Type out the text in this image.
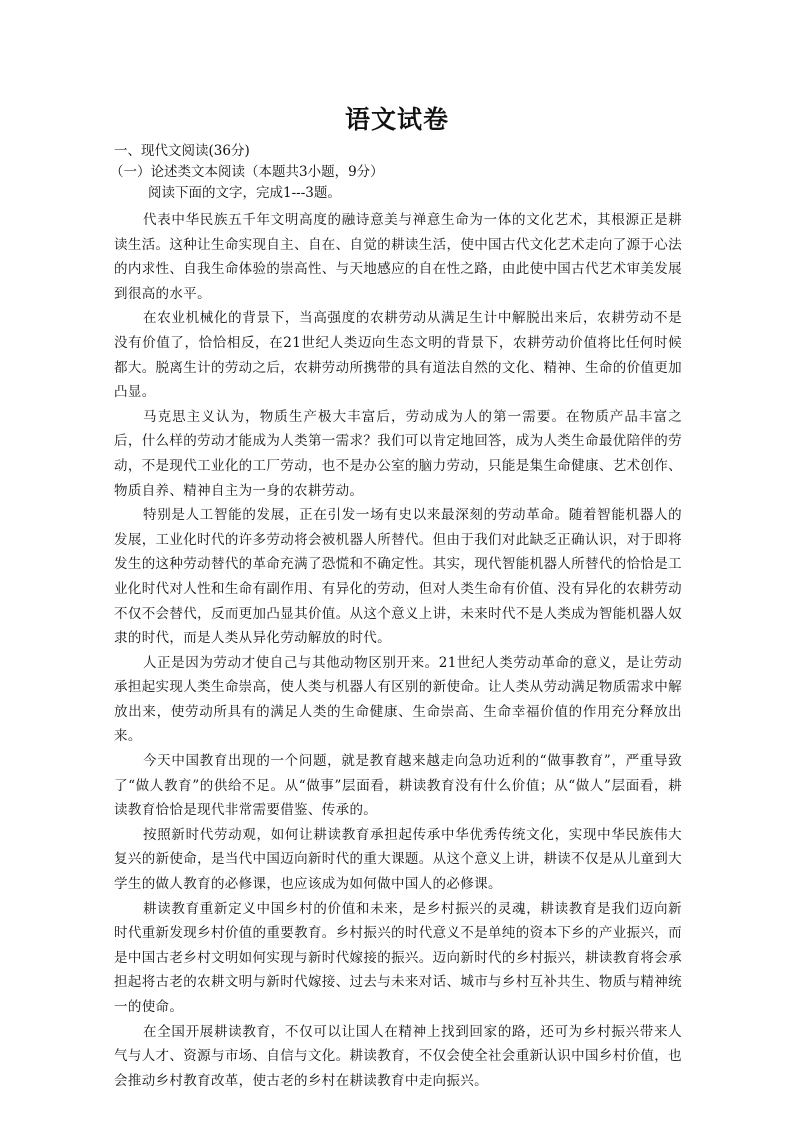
语文试卷

一、现代文阅读(36分)

（一）论述类文本阅读（本题共3小题，9分）

阅读下面的文字，完成1---3题。

代表中华民族五千年文明高度的融诗意美与禅意生命为一体的文化艺术，其根源正是耕读生活。这种让生命实现自主、自在、自觉的耕读生活，使中国古代文化艺术走向了源于心法的内求性、自我生命体验的崇高性、与天地感应的自在性之路，由此使中国古代艺术审美发展到很高的水平。

在农业机械化的背景下，当高强度的农耕劳动从满足生计中解脱出来后，农耕劳动不是没有价值了，恰恰相反，在21世纪人类迈向生态文明的背景下，农耕劳动价值将比任何时候都大。脱离生计的劳动之后，农耕劳动所携带的具有道法自然的文化、精神、生命的价值更加凸显。

马克思主义认为，物质生产极大丰富后，劳动成为人的第一需要。在物质产品丰富之后，什么样的劳动才能成为人类第一需求？我们可以肯定地回答，成为人类生命最优陪伴的劳动，不是现代工业化的工厂劳动，也不是办公室的脑力劳动，只能是集生命健康、艺术创作、物质自养、精神自主为一身的农耕劳动。

特别是人工智能的发展，正在引发一场有史以来最深刻的劳动革命。随着智能机器人的发展，工业化时代的许多劳动将会被机器人所替代。但由于我们对此缺乏正确认识，对于即将发生的这种劳动替代的革命充满了恐慌和不确定性。其实，现代智能机器人所替代的恰恰是工业化时代对人性和生命有副作用、有异化的劳动，但对人类生命有价值、没有异化的农耕劳动不仅不会替代，反而更加凸显其价值。从这个意义上讲，未来时代不是人类成为智能机器人奴隶的时代，而是人类从异化劳动解放的时代。

人正是因为劳动才使自己与其他动物区别开来。21世纪人类劳动革命的意义，是让劳动承担起实现人类生命崇高，使人类与机器人有区别的新使命。让人类从劳动满足物质需求中解放出来，使劳动所具有的满足人类的生命健康、生命崇高、生命幸福价值的作用充分释放出来。

今天中国教育出现的一个问题，就是教育越来越走向急功近利的“做事教育”，严重导致了“做人教育”的供给不足。从“做事”层面看，耕读教育没有什么价值；从“做人”层面看，耕读教育恰恰是现代非常需要借鉴、传承的。

按照新时代劳动观，如何让耕读教育承担起传承中华优秀传统文化，实现中华民族伟大复兴的新使命，是当代中国迈向新时代的重大课题。从这个意义上讲，耕读不仅是从儿童到大学生的做人教育的必修课，也应该成为如何做中国人的必修课。

耕读教育重新定义中国乡村的价值和未来，是乡村振兴的灵魂，耕读教育是我们迈向新时代重新发现乡村价值的重要教育。乡村振兴的时代意义不是单纯的资本下乡的产业振兴，而是中国古老乡村文明如何实现与新时代嫁接的振兴。迈向新时代的乡村振兴，耕读教育将会承担起将古老的农耕文明与新时代嫁接、过去与未来对话、城市与乡村互补共生、物质与精神统一的使命。

在全国开展耕读教育，不仅可以让国人在精神上找到回家的路，还可为乡村振兴带来人气与人才、资源与市场、自信与文化。耕读教育，不仅会使全社会重新认识中国乡村价值，也会推动乡村教育改革，使古老的乡村在耕读教育中走向振兴。
